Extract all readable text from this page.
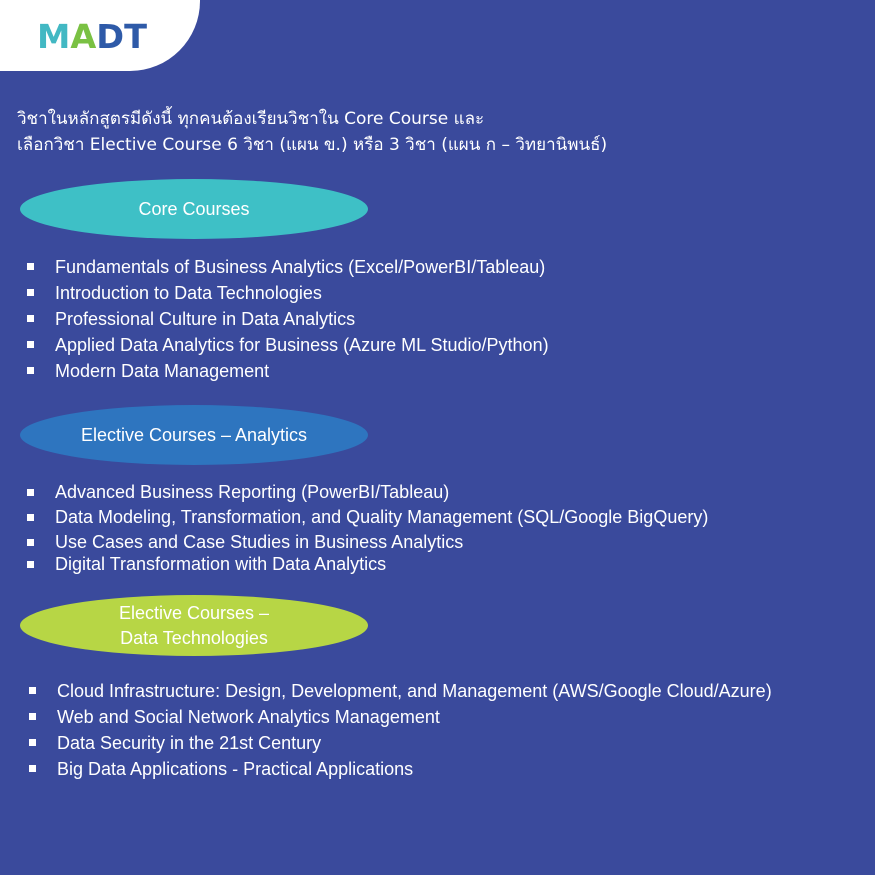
MADT
วิชาในหลักสูตรมีดังนี้ ทุกคนต้องเรียนวิชาใน Core Course และ
เลือกวิชา Elective Course 6 วิชา (แผน ข.) หรือ 3 วิชา (แผน ก – วิทยานิพนธ์)
Core Courses
Fundamentals of Business Analytics (Excel/PowerBI/Tableau)
Introduction to Data Technologies
Professional Culture in Data Analytics
Applied Data Analytics for Business (Azure ML Studio/Python)
Modern Data Management
Elective Courses – Analytics
Advanced Business Reporting (PowerBI/Tableau)
Data Modeling, Transformation, and Quality Management (SQL/Google BigQuery)
Use Cases and Case Studies in Business Analytics
Digital Transformation with Data Analytics
Elective Courses –
Data Technologies
Cloud Infrastructure: Design, Development, and Management (AWS/Google Cloud/Azure)
Web and Social Network Analytics Management
Data Security in the 21st Century
Big Data Applications - Practical Applications
